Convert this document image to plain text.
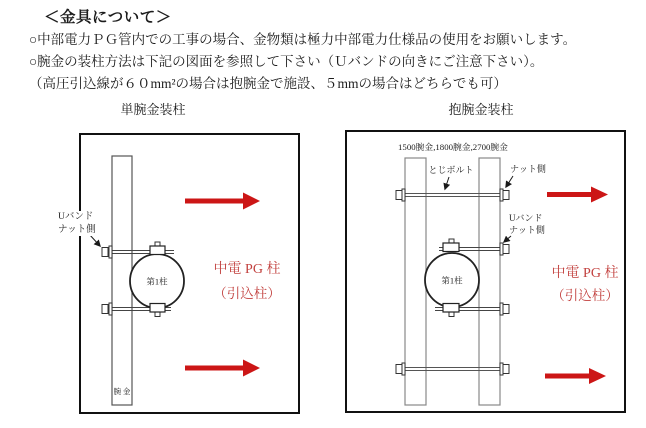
＜金具について＞
○中部電力ＰＧ管内での工事の場合、金物類は極力中部電力仕様品の使用をお願いします。
○腕金の装柱方法は下記の図面を参照して下さい（Ｕバンドの向きにご注意下さい）。
（高圧引込線が６０mm²の場合は抱腕金で施設、５mmの場合はどちらでも可）
単腕金装柱	抱腕金装柱
Uバンド
ナット側
第1柱
腕 金
中電 PG 柱
（引込柱）
1500腕金,1800腕金,2700腕金
第1柱
とじボルト	ナット側
Uバンド
ナット側
中電 PG 柱
（引込柱）
